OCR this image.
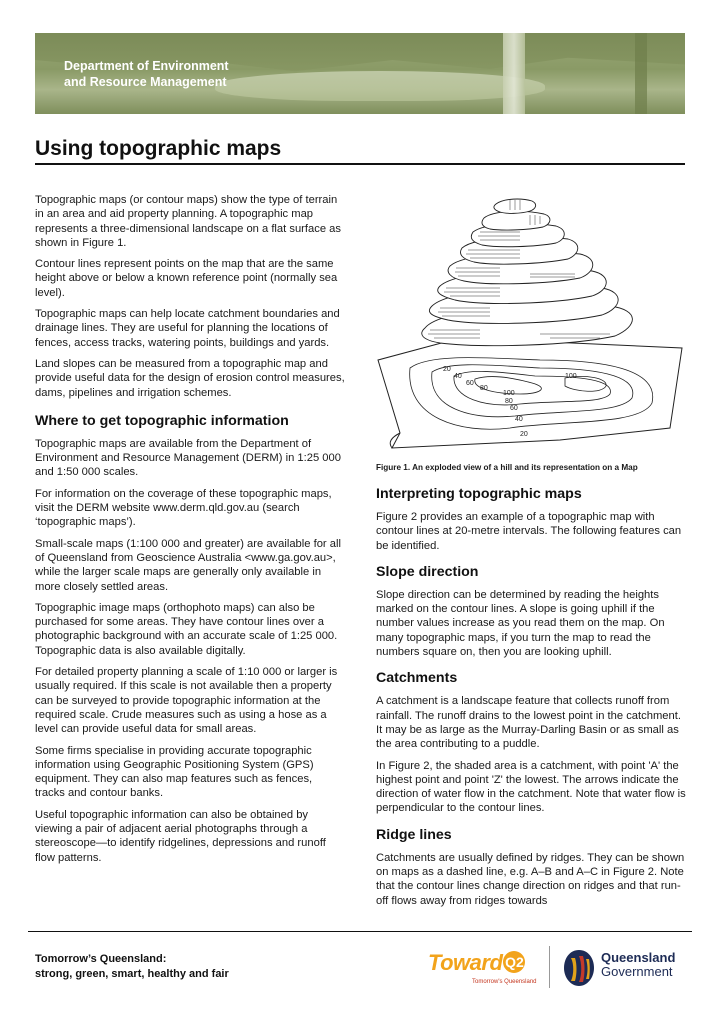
Department of Environment
and Resource Management
Using topographic maps

Topographic maps (or contour maps) show the type of terrain in an area and aid property planning. A topographic map represents a three-dimensional landscape on a flat surface as shown in Figure 1.

Contour lines represent points on the map that are the same height above or below a known reference point (normally sea level).

Topographic maps can help locate catchment boundaries and drainage lines. They are useful for planning the locations of fences, access tracks, watering points, buildings and yards.

Land slopes can be measured from a topographic map and provide useful data for the design of erosion control measures, dams, pipelines and irrigation schemes.

Where to get topographic information

Topographic maps are available from the Department of Environment and Resource Management (DERM) in 1:25 000 and 1:50 000 scales.

For information on the coverage of these topographic maps, visit the DERM website www.derm.qld.gov.au (search ‘topographic maps’).

Small-scale maps (1:100 000 and greater) are available for all of Queensland from Geoscience Australia <www.ga.gov.au>, while the larger scale maps are generally only available in more closely settled areas.

Topographic image maps (orthophoto maps) can also be purchased for some areas. They have contour lines over a photographic background with an accurate scale of 1:25 000. Topographic data is also available digitally.

For detailed property planning a scale of 1:10 000 or larger is usually required. If this scale is not available then a property can be surveyed to provide topographic information at the required scale. Crude measures such as using a hose as a level can provide useful data for small areas.

Some firms specialise in providing accurate topographic information using Geographic Positioning System (GPS) equipment. They can also map features such as fences, tracks and contour banks.

Useful topographic information can also be obtained by viewing a pair of adjacent aerial photographs through a stereoscope—to identify ridgelines, depressions and runoff flow patterns.

20
40
60
80
100
100
80
60
40
20

Figure 1. An exploded view of a hill and its representation on a Map

Interpreting topographic maps

Figure 2 provides an example of a topographic map with contour lines at 20-metre intervals. The following features can be identified.

Slope direction

Slope direction can be determined by reading the heights marked on the contour lines. A slope is going uphill if the number values increase as you read them on the map. On many topographic maps, if you turn the map to read the numbers square on, then you are looking uphill.

Catchments

A catchment is a landscape feature that collects runoff from rainfall. The runoff drains to the lowest point in the catchment. It may be as large as the Murray-Darling Basin or as small as the area contributing to a puddle.

In Figure 2, the shaded area is a catchment, with point 'A' the highest point and point 'Z' the lowest. The arrows indicate the direction of water flow in the catchment. Note that water flow is perpendicular to the contour lines.

Ridge lines

Catchments are usually defined by ridges. They can be shown on maps as a dashed line, e.g. A–B and A–C in Figure 2. Note that the contour lines change direction on ridges and that run-off flows away from ridges towards

Tomorrow’s Queensland:
strong, green, smart, healthy and fair	Toward Q2
Tomorrow's Queensland
Queensland
Government
